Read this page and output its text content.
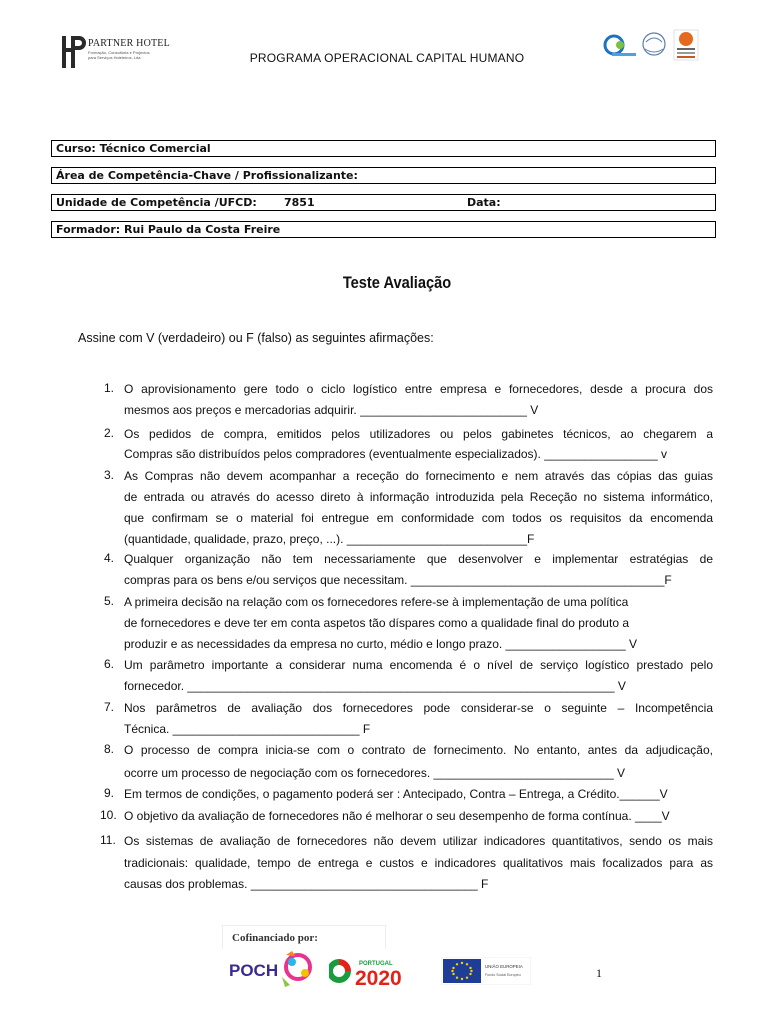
PARTNER HOTEL
Formação, Consultoria e Projectos para Serviços Hoteleiros, Lda.	PROGRAMA OPERACIONAL CAPITAL HUMANO
Curso: Técnico Comercial
Área de Competência-Chave / Profissionalizante:
Unidade de Competência /UFCD: 7851	Data:
Formador: Rui Paulo da Costa Freire
Teste Avaliação
Assine com V (verdadeiro) ou F (falso) as seguintes afirmações:
1. O aprovisionamento gere todo o ciclo logístico entre empresa e fornecedores, desde a procura dos
mesmos aos preços e mercadorias adquirir. _________________________ V
2. Os pedidos de compra, emitidos pelos utilizadores ou pelos gabinetes técnicos, ao chegarem a
Compras são distribuídos pelos compradores (eventualmente especializados). _________________ v
3. As Compras não devem acompanhar a receção do fornecimento e nem através das cópias das guias
de entrada ou através do acesso direto à informação introduzida pela Receção no sistema informático,
que confirmam se o material foi entregue em conformidade com todos os requisitos da encomenda
(quantidade, qualidade, prazo, preço, ...). ___________________________F
4. Qualquer organização não tem necessariamente que desenvolver e implementar estratégias de
compras para os bens e/ou serviços que necessitam. ______________________________________F
5. A primeira decisão na relação com os fornecedores refere-se à implementação de uma política
de fornecedores e deve ter em conta aspetos tão díspares como a qualidade final do produto a
produzir e as necessidades da empresa no curto, médio e longo prazo. __________________ V
6. Um parâmetro importante a considerar numa encomenda é o nível de serviço logístico prestado pelo
fornecedor. ________________________________________________________________ V
7. Nos parâmetros de avaliação dos fornecedores pode considerar-se o seguinte – Incompetência
Técnica. ____________________________ F
8. O processo de compra inicia-se com o contrato de fornecimento. No entanto, antes da adjudicação,
ocorre um processo de negociação com os fornecedores. ___________________________ V
9. Em termos de condições, o pagamento poderá ser : Antecipado, Contra – Entrega, a Crédito.______V
10. O objetivo da avaliação de fornecedores não é melhorar o seu desempenho de forma contínua. ____V
11. Os sistemas de avaliação de fornecedores não devem utilizar indicadores quantitativos, sendo os mais
tradicionais: qualidade, tempo de entrega e custos e indicadores qualitativos mais focalizados para as
causas dos problemas. __________________________________ F
Cofinanciado por:
POCH	PORTUGAL
2020
UNIÃO EUROPEIA
Fundo Social Europeu	1
